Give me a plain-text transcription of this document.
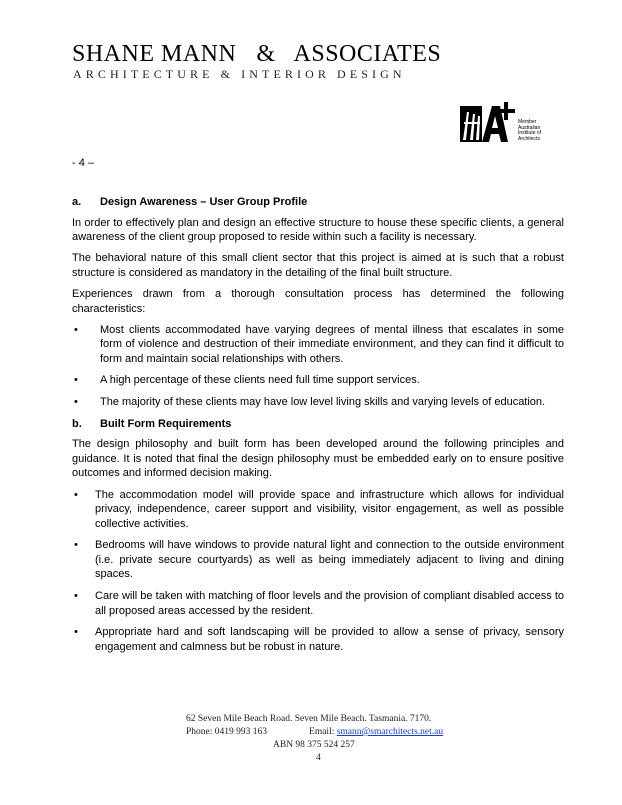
SHANE MANN & ASSOCIATES
ARCHITECTURE & INTERIOR DESIGN
Member Australian Institute of Architects
- 4 –
a.	Design Awareness – User Group Profile

In order to effectively plan and design an effective structure to house these specific clients, a general awareness of the client group proposed to reside within such a facility is necessary.

The behavioral nature of this small client sector that this project is aimed at is such that a robust structure is considered as mandatory in the detailing of the final built structure.

Experiences drawn from a thorough consultation process has determined the following characteristics:

• Most clients accommodated have varying degrees of mental illness that escalates in some form of violence and destruction of their immediate environment, and they can find it difficult to form and maintain social relationships with others.
• A high percentage of these clients need full time support services.
• The majority of these clients may have low level living skills and varying levels of education.
b.	Built Form Requirements

The design philosophy and built form has been developed around the following principles and guidance. It is noted that final the design philosophy must be embedded early on to ensure positive outcomes and informed decision making.

• The accommodation model will provide space and infrastructure which allows for individual privacy, independence, career support and visibility, visitor engagement, as well as possible collective activities.
• Bedrooms will have windows to provide natural light and connection to the outside environment (i.e. private secure courtyards) as well as being immediately adjacent to living and dining spaces.
• Care will be taken with matching of floor levels and the provision of compliant disabled access to all proposed areas accessed by the resident.
• Appropriate hard and soft landscaping will be provided to allow a sense of privacy, sensory engagement and calmness but be robust in nature.
62 Seven Mile Beach Road. Seven Mile Beach. Tasmania. 7170.
Phone: 0419 993 163	Email: smann@smarchitects.net.au
ABN 98 375 524 257
4
